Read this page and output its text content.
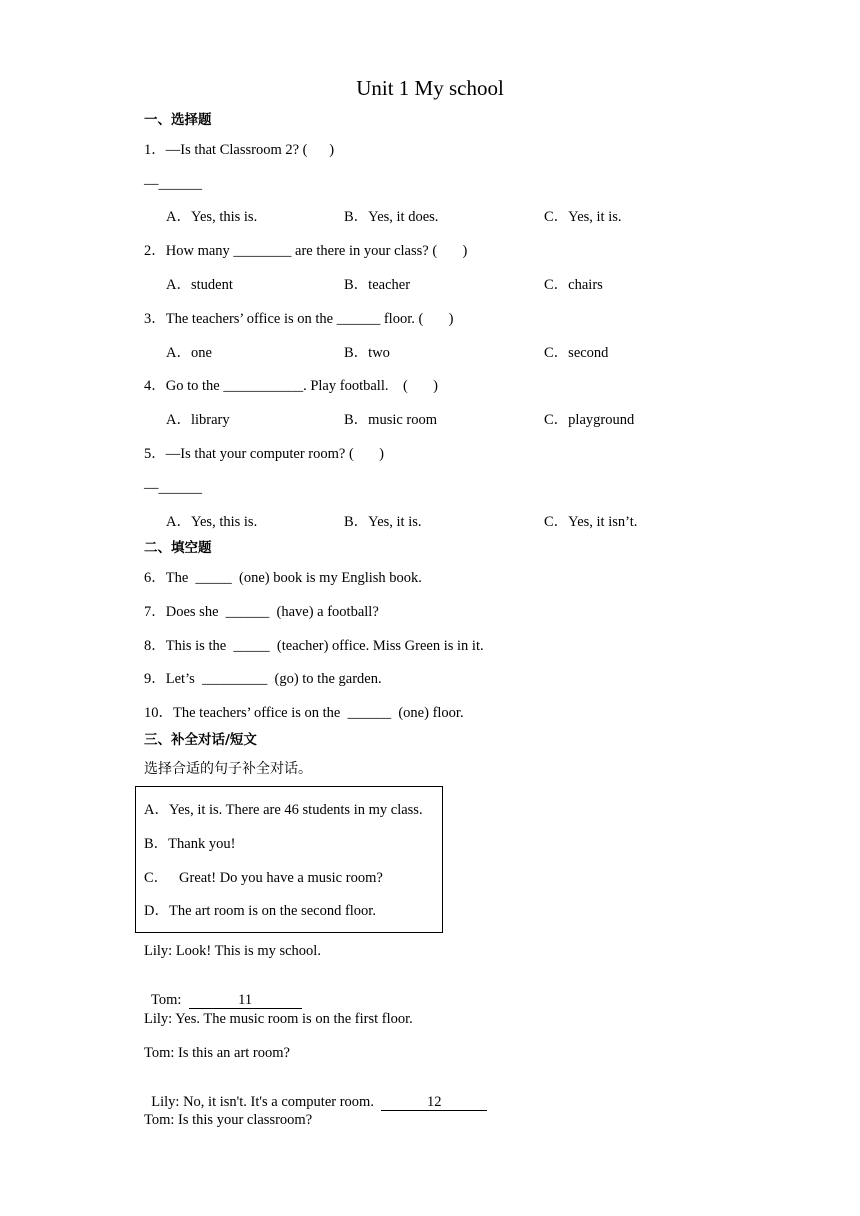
Unit 1 My school
一、选择题
1．—Is that Classroom 2? (      )
—______
A．Yes, this is.	B．Yes, it does.	C．Yes, it is.
2．How many ________ are there in your class? (       )
A．student	B．teacher	C．chairs
3．The teachers’ office is on the ______ floor. (       )
A．one	B．two	C．second
4．Go to the ___________. Play football.    (       )
A．library	B．music room	C．playground
5．—Is that your computer room? (       )
—______
A．Yes, this is.	B．Yes, it is.	C．Yes, it isn’t.
二、填空题
6．The  _____  (one) book is my English book.
7．Does she  ______  (have) a football?
8．This is the  _____  (teacher) office. Miss Green is in it.
9．Let’s  _________  (go) to the garden.
10．The teachers’ office is on the  ______  (one) floor.
三、补全对话/短文
选择合适的句子补全对话。
A．Yes, it is. There are 46 students in my class.
B．Thank you!
C．   Great! Do you have a music room?
D．The art room is on the second floor.
Lily: Look! This is my school.

Tom:	11

Lily: Yes. The music room is on the first floor.
Tom: Is this an art room?

Lily: No, it isn't. It's a computer room.	12

Tom: Is this your classroom?
